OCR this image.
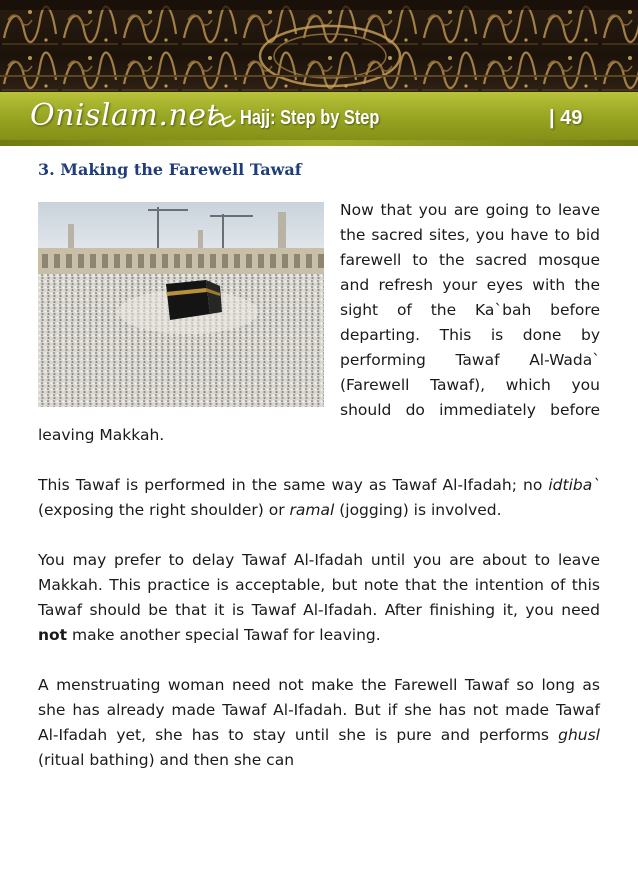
Onislam.net Hajj: Step by Step	| 49
3. Making the Farewell Tawaf

Now that you are going to leave the sacred sites, you have to bid farewell to the sacred mosque and refresh your eyes with the sight of the Ka`bah before departing. This is done by performing Tawaf Al-Wada` (Farewell Tawaf), which you should do immediately before leaving Makkah.

This Tawaf is performed in the same way as Tawaf Al-Ifadah; no idtiba` (exposing the right shoulder) or ramal (jogging) is involved.

You may prefer to delay Tawaf Al-Ifadah until you are about to leave Makkah. This practice is acceptable, but note that the intention of this Tawaf should be that it is Tawaf Al-Ifadah. After finishing it, you need not make another special Tawaf for leaving.

A menstruating woman need not make the Farewell Tawaf so long as she has already made Tawaf Al-Ifadah. But if she has not made Tawaf Al-Ifadah yet, she has to stay until she is pure and performs ghusl (ritual bathing) and then she can
